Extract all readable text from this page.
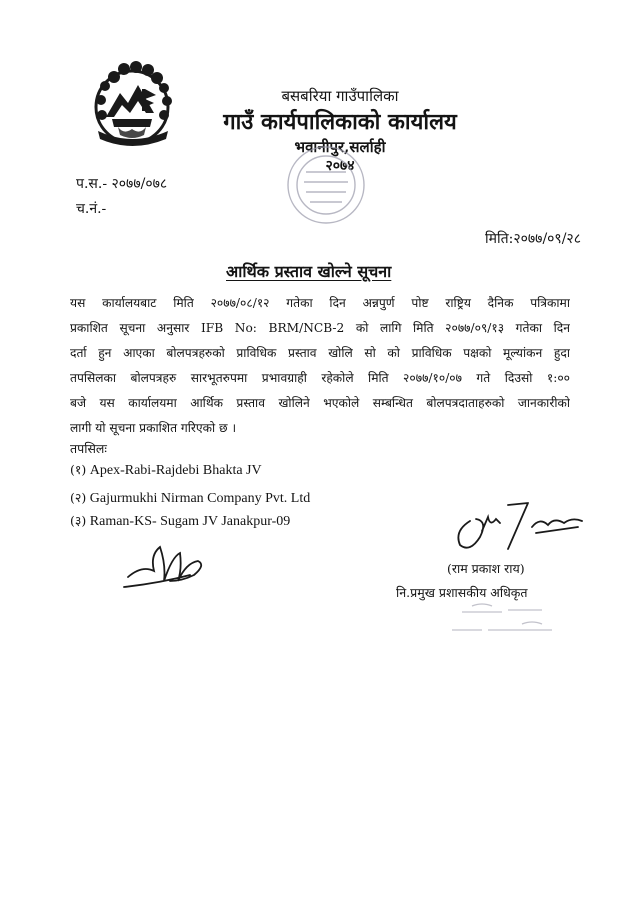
बसबरिया गाउँपालिका
गाउँ कार्यपालिकाको कार्यालय
भवानीपुर,सर्लाही
२०७४
प.स.- २०७७/०७८
च.नं.-
मिति:२०७७/०९/२८
आर्थिक प्रस्ताव खोल्ने सूचना
यस कार्यालयबाट मिति २०७७/०८/१२ गतेका दिन अन्नपुर्ण पोष्ट राष्ट्रिय दैनिक पत्रिकामा
प्रकाशित सूचना अनुसार IFB No: BRM/NCB-2 को लागि मिति २०७७/०९/१३ गतेका दिन
दर्ता हुन आएका बोलपत्रहरुको प्राविधिक प्रस्ताव खोलि सो को प्राविधिक पक्षको मूल्यांकन हुदा
तपसिलका बोलपत्रहरु सारभूतरुपमा प्रभावग्राही रहेकोले मिति २०७७/१०/०७ गते दिउसो १:००
बजे यस कार्यालयमा आर्थिक प्रस्ताव खोलिने भएकोले सम्बन्धित बोलपत्रदाताहरुको जानकारीको
लागी यो सूचना प्रकाशित गरिएको छ ।
तपसिलः
(१) Apex-Rabi-Rajdebi Bhakta JV
(२) Gajurmukhi Nirman Company Pvt. Ltd
(३) Raman-KS- Sugam JV Janakpur-09
(राम प्रकाश राय)
नि.प्रमुख प्रशासकीय अधिकृत
